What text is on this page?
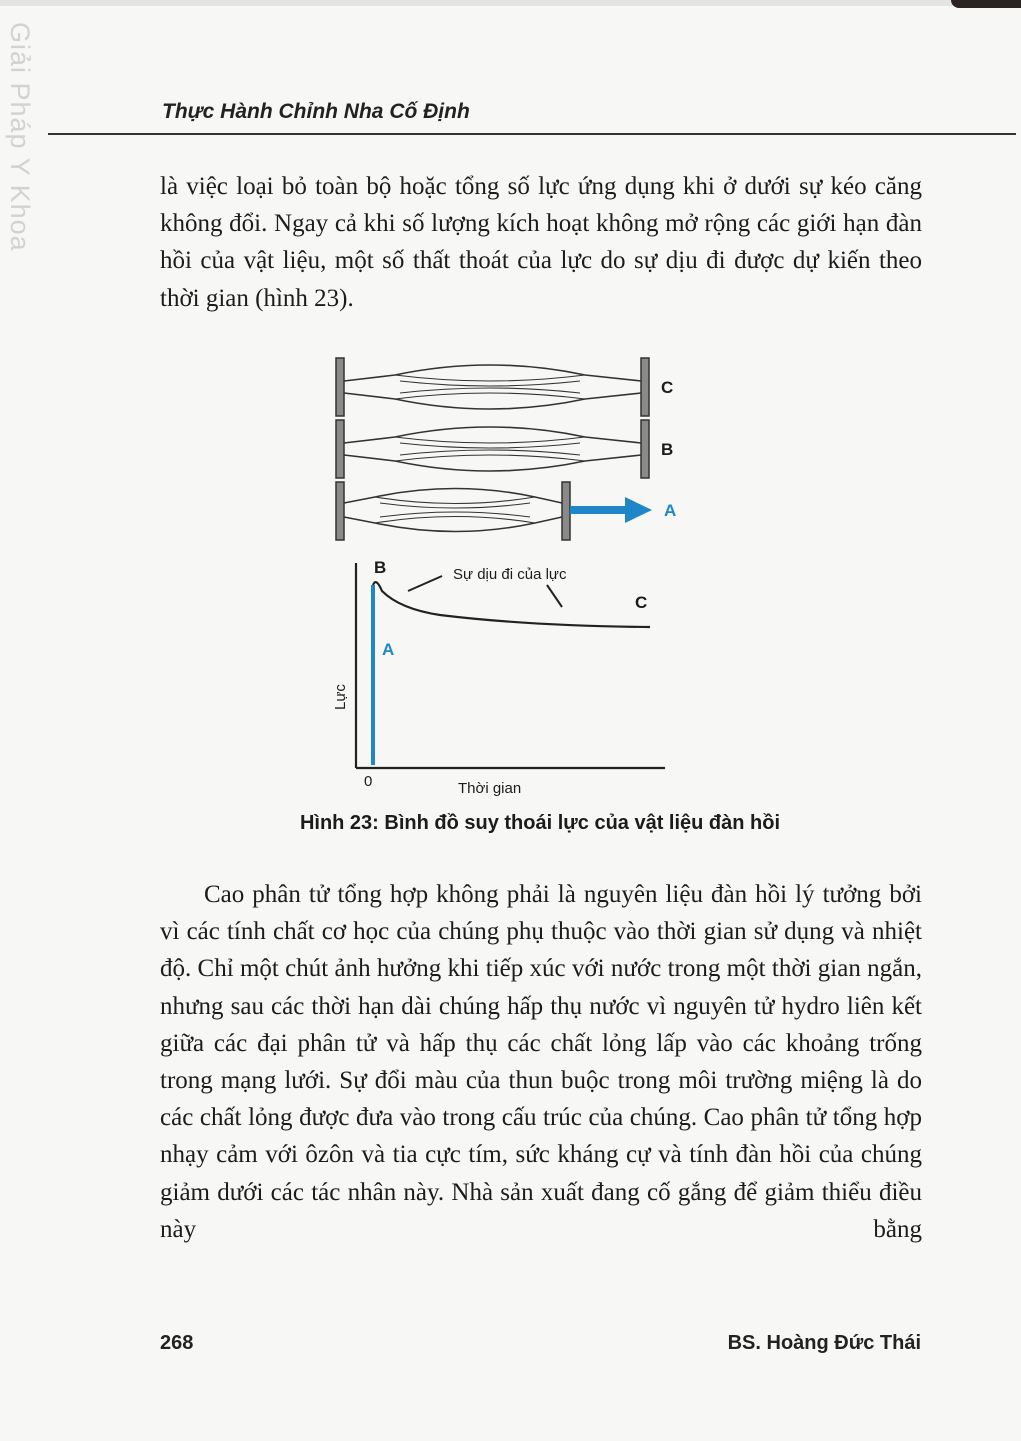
Giải Pháp Y Khoa	Thực Hành Chỉnh Nha Cố Định

là việc loại bỏ toàn bộ hoặc tổng số lực ứng dụng khi ở dưới sự kéo căng không đổi. Ngay cả khi số lượng kích hoạt không mở rộng các giới hạn đàn hồi của vật liệu, một số thất thoát của lực do sự dịu đi được dự kiến theo thời gian (hình 23).

C
B
A
B
A
C
Sự dịu đi của lực
Lực
0	Thời gian
Hình 23: Bình đồ suy thoái lực của vật liệu đàn hồi

Cao phân tử tổng hợp không phải là nguyên liệu đàn hồi lý tưởng bởi vì các tính chất cơ học của chúng phụ thuộc vào thời gian sử dụng và nhiệt độ. Chỉ một chút ảnh hưởng khi tiếp xúc với nước trong một thời gian ngắn, nhưng sau các thời hạn dài chúng hấp thụ nước vì nguyên tử hydro liên kết giữa các đại phân tử và hấp thụ các chất lỏng lấp vào các khoảng trống trong mạng lưới. Sự đổi màu của thun buộc trong môi trường miệng là do các chất lỏng được đưa vào trong cấu trúc của chúng. Cao phân tử tổng hợp nhạy cảm với ôzôn và tia cực tím, sức kháng cự và tính đàn hồi của chúng giảm dưới các tác nhân này. Nhà sản xuất đang cố gắng để giảm thiểu điều này bằng

268	BS. Hoàng Đức Thái
